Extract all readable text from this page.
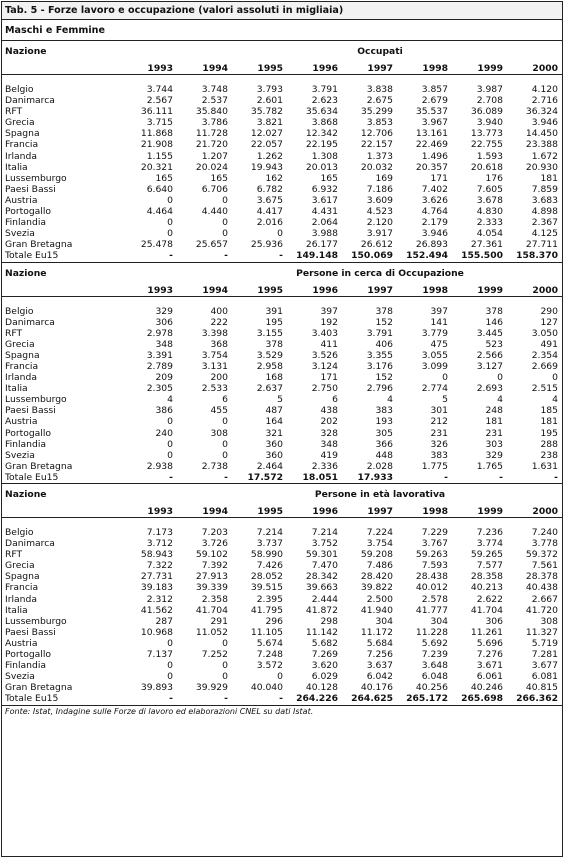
Tab. 5 - Forze lavoro e occupazione (valori assoluti in migliaia)
Maschi e Femmine
Nazione	Occupati							
	1993	1994	1995	1996	1997	1998	1999	2000

Belgio	3.744	3.748	3.793	3.791	3.838	3.857	3.987	4.120
Danimarca	2.567	2.537	2.601	2.623	2.675	2.679	2.708	2.716
RFT	36.111	35.840	35.782	35.634	35.299	35.537	36.089	36.324
Grecia	3.715	3.786	3.821	3.868	3.853	3.967	3.940	3.946
Spagna	11.868	11.728	12.027	12.342	12.706	13.161	13.773	14.450
Francia	21.908	21.720	22.057	22.195	22.157	22.469	22.755	23.388
Irlanda	1.155	1.207	1.262	1.308	1.373	1.496	1.593	1.672
Italia	20.321	20.024	19.943	20.013	20.032	20.357	20.618	20.930
Lussemburgo	165	165	162	165	169	171	176	181
Paesi Bassi	6.640	6.706	6.782	6.932	7.186	7.402	7.605	7.859
Austria	0	0	3.675	3.617	3.609	3.626	3.678	3.683
Portogallo	4.464	4.440	4.417	4.431	4.523	4.764	4.830	4.898
Finlandia	0	0	2.016	2.064	2.120	2.179	2.333	2.367
Svezia	0	0	0	3.988	3.917	3.946	4.054	4.125
Gran Bretagna	25.478	25.657	25.936	26.177	26.612	26.893	27.361	27.711
Totale Eu15	-	-	-	149.148	150.069	152.494	155.500	158.370
Nazione	Persone in cerca di Occupazione							
	1993	1994	1995	1996	1997	1998	1999	2000

Belgio	329	400	391	397	378	397	378	290
Danimarca	306	222	195	192	152	141	146	127
RFT	2.978	3.398	3.155	3.403	3.791	3.779	3.445	3.050
Grecia	348	368	378	411	406	475	523	491
Spagna	3.391	3.754	3.529	3.526	3.355	3.055	2.566	2.354
Francia	2.789	3.131	2.958	3.124	3.176	3.099	3.127	2.669
Irlanda	209	200	168	171	152	0	0	0
Italia	2.305	2.533	2.637	2.750	2.796	2.774	2.693	2.515
Lussemburgo	4	6	5	6	4	5	4	4
Paesi Bassi	386	455	487	438	383	301	248	185
Austria	0	0	164	202	193	212	181	181
Portogallo	240	308	321	328	305	231	231	195
Finlandia	0	0	360	348	366	326	303	288
Svezia	0	0	360	419	448	383	329	238
Gran Bretagna	2.938	2.738	2.464	2.336	2.028	1.775	1.765	1.631
Totale Eu15	-	-	17.572	18.051	17.933	-	-	-
Nazione	Persone in età lavorativa							
	1993	1994	1995	1996	1997	1998	1999	2000

Belgio	7.173	7.203	7.214	7.214	7.224	7.229	7.236	7.240
Danimarca	3.712	3.726	3.737	3.752	3.754	3.767	3.774	3.778
RFT	58.943	59.102	58.990	59.301	59.208	59.263	59.265	59.372
Grecia	7.322	7.392	7.426	7.470	7.486	7.593	7.577	7.561
Spagna	27.731	27.913	28.052	28.342	28.420	28.438	28.358	28.378
Francia	39.183	39.339	39.515	39.663	39.822	40.012	40.213	40.438
Irlanda	2.312	2.358	2.395	2.444	2.500	2.578	2.622	2.667
Italia	41.562	41.704	41.795	41.872	41.940	41.777	41.704	41.720
Lussemburgo	287	291	296	298	304	304	306	308
Paesi Bassi	10.968	11.052	11.105	11.142	11.172	11.228	11.261	11.327
Austria	0	0	5.674	5.682	5.684	5.692	5.696	5.719
Portogallo	7.137	7.252	7.248	7.269	7.256	7.239	7.276	7.281
Finlandia	0	0	3.572	3.620	3.637	3.648	3.671	3.677
Svezia	0	0	0	6.029	6.042	6.048	6.061	6.081
Gran Bretagna	39.893	39.929	40.040	40.128	40.176	40.256	40.246	40.815
Totale Eu15	-	-	-	264.226	264.625	265.172	265.698	266.362
Fonte: Istat, Indagine sulle Forze di lavoro ed elaborazioni CNEL su dati Istat.
